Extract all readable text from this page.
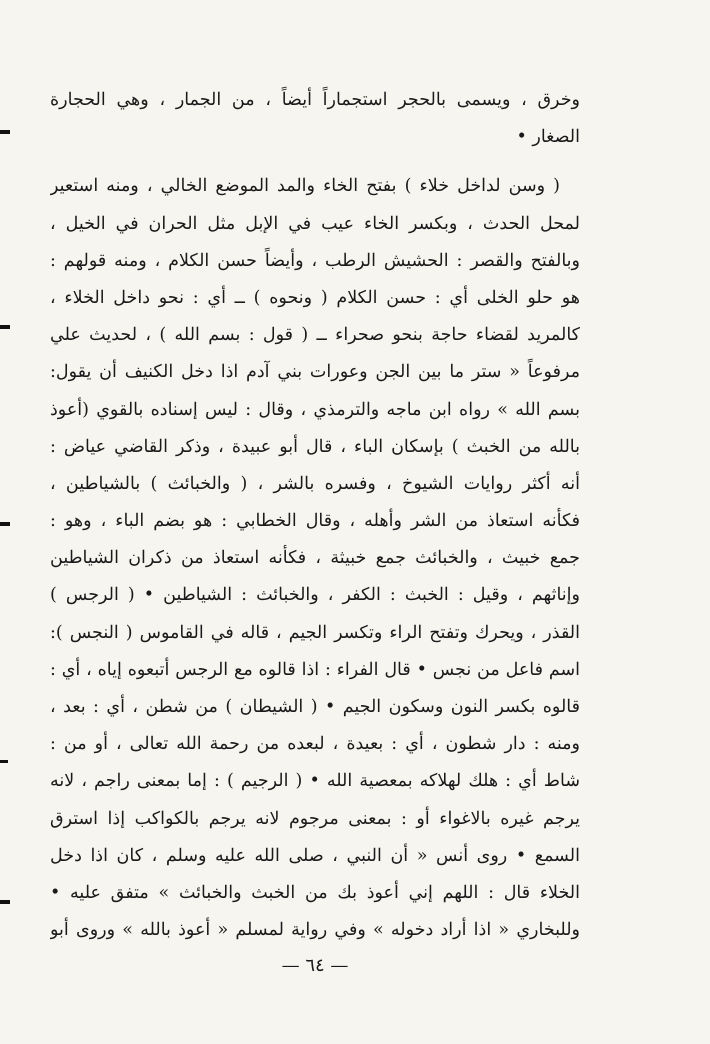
وخرق ، ويسمى بالحجر استجماراً أيضاً ، من الجمار ، وهي الحجارة
الصغار •
( وسن لداخل خلاء ) بفتح الخاء والمد الموضع الخالي ، ومنه استعير
لمحل الحدث ، وبكسر الخاء عيب في الإبل مثل الحران في الخيل ،
وبالفتح والقصر : الحشيش الرطب ، وأيضاً حسن الكلام ، ومنه قولهم :
هو حلو الخلى أي : حسن الكلام ( ونحوه ) ــ أي : نحو داخل الخلاء ،
كالمريد لقضاء حاجة بنحو صحراء ــ ( قول : بسم الله ) ، لحديث علي
مرفوعاً « ستر ما بين الجن وعورات بني آدم اذا دخل الكنيف أن يقول:
بسم الله » رواه ابن ماجه والترمذي ، وقال : ليس إسناده بالقوي (أعوذ
بالله من الخبث ) بإسكان الباء ، قال أبو عبيدة ، وذكر القاضي عياض :
أنه أكثر روايات الشيوخ ، وفسره بالشر ، ( والخبائث ) بالشياطين ،
فكأنه استعاذ من الشر وأهله ، وقال الخطابي : هو بضم الباء ، وهو :
جمع خبيث ، والخبائث جمع خبيثة ، فكأنه استعاذ من ذكران الشياطين
وإناثهم ، وقيل : الخبث : الكفر ، والخبائث : الشياطين • ( الرجس )
القذر ، ويحرك وتفتح الراء وتكسر الجيم ، قاله في القاموس ( النجس ):
اسم فاعل من نجس • قال الفراء : اذا قالوه مع الرجس أتبعوه إياه ، أي :
قالوه بكسر النون وسكون الجيم • ( الشيطان ) من شطن ، أي : بعد ،
ومنه : دار شطون ، أي : بعيدة ، لبعده من رحمة الله تعالى ، أو من :
شاط أي : هلك لهلاكه بمعصية الله • ( الرجيم ) : إما بمعنى راجم ، لانه
يرجم غيره بالاغواء أو : بمعنى مرجوم لانه يرجم بالكواكب إذا استرق
السمع • روى أنس « أن النبي ، صلى الله عليه وسلم ، كان اذا دخل
الخلاء قال : اللهم إني أعوذ بك من الخبث والخبائث » متفق عليه •
وللبخاري « اذا أراد دخوله » وفي رواية لمسلم « أعوذ بالله » وروى أبو
— ٦٤ —
